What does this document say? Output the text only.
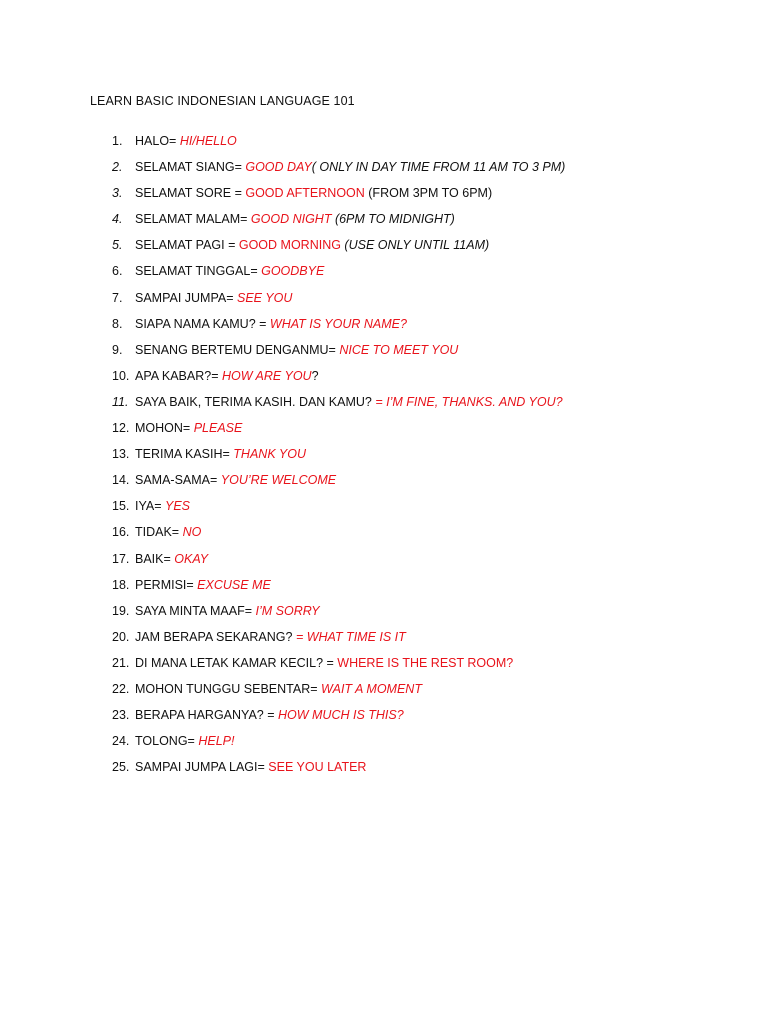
LEARN BASIC INDONESIAN LANGUAGE 101
1. HALO= HI/HELLO
2. SELAMAT SIANG= GOOD DAY( ONLY IN DAY TIME FROM 11 AM TO 3 PM)
3. SELAMAT SORE = GOOD AFTERNOON (FROM 3PM TO 6PM)
4. SELAMAT MALAM= GOOD NIGHT (6PM TO MIDNIGHT)
5. SELAMAT PAGI = GOOD MORNING (USE ONLY UNTIL 11AM)
6. SELAMAT TINGGAL= GOODBYE
7. SAMPAI JUMPA= SEE YOU
8. SIAPA NAMA KAMU? = WHAT IS YOUR NAME?
9. SENANG BERTEMU DENGANMU= NICE TO MEET YOU
10. APA KABAR?= HOW ARE YOU?
11. SAYA BAIK, TERIMA KASIH. DAN KAMU? = I’M FINE, THANKS. AND YOU?
12. MOHON= PLEASE
13. TERIMA KASIH= THANK YOU
14. SAMA-SAMA= YOU’RE WELCOME
15. IYA= YES
16. TIDAK= NO
17. BAIK= OKAY
18. PERMISI= EXCUSE ME
19. SAYA MINTA MAAF= I’M SORRY
20. JAM BERAPA SEKARANG? = WHAT TIME IS IT
21. DI MANA LETAK KAMAR KECIL? = WHERE IS THE REST ROOM?
22. MOHON TUNGGU SEBENTAR= WAIT A MOMENT
23. BERAPA HARGANYA? = HOW MUCH IS THIS?
24. TOLONG= HELP!
25. SAMPAI JUMPA LAGI= SEE YOU LATER
